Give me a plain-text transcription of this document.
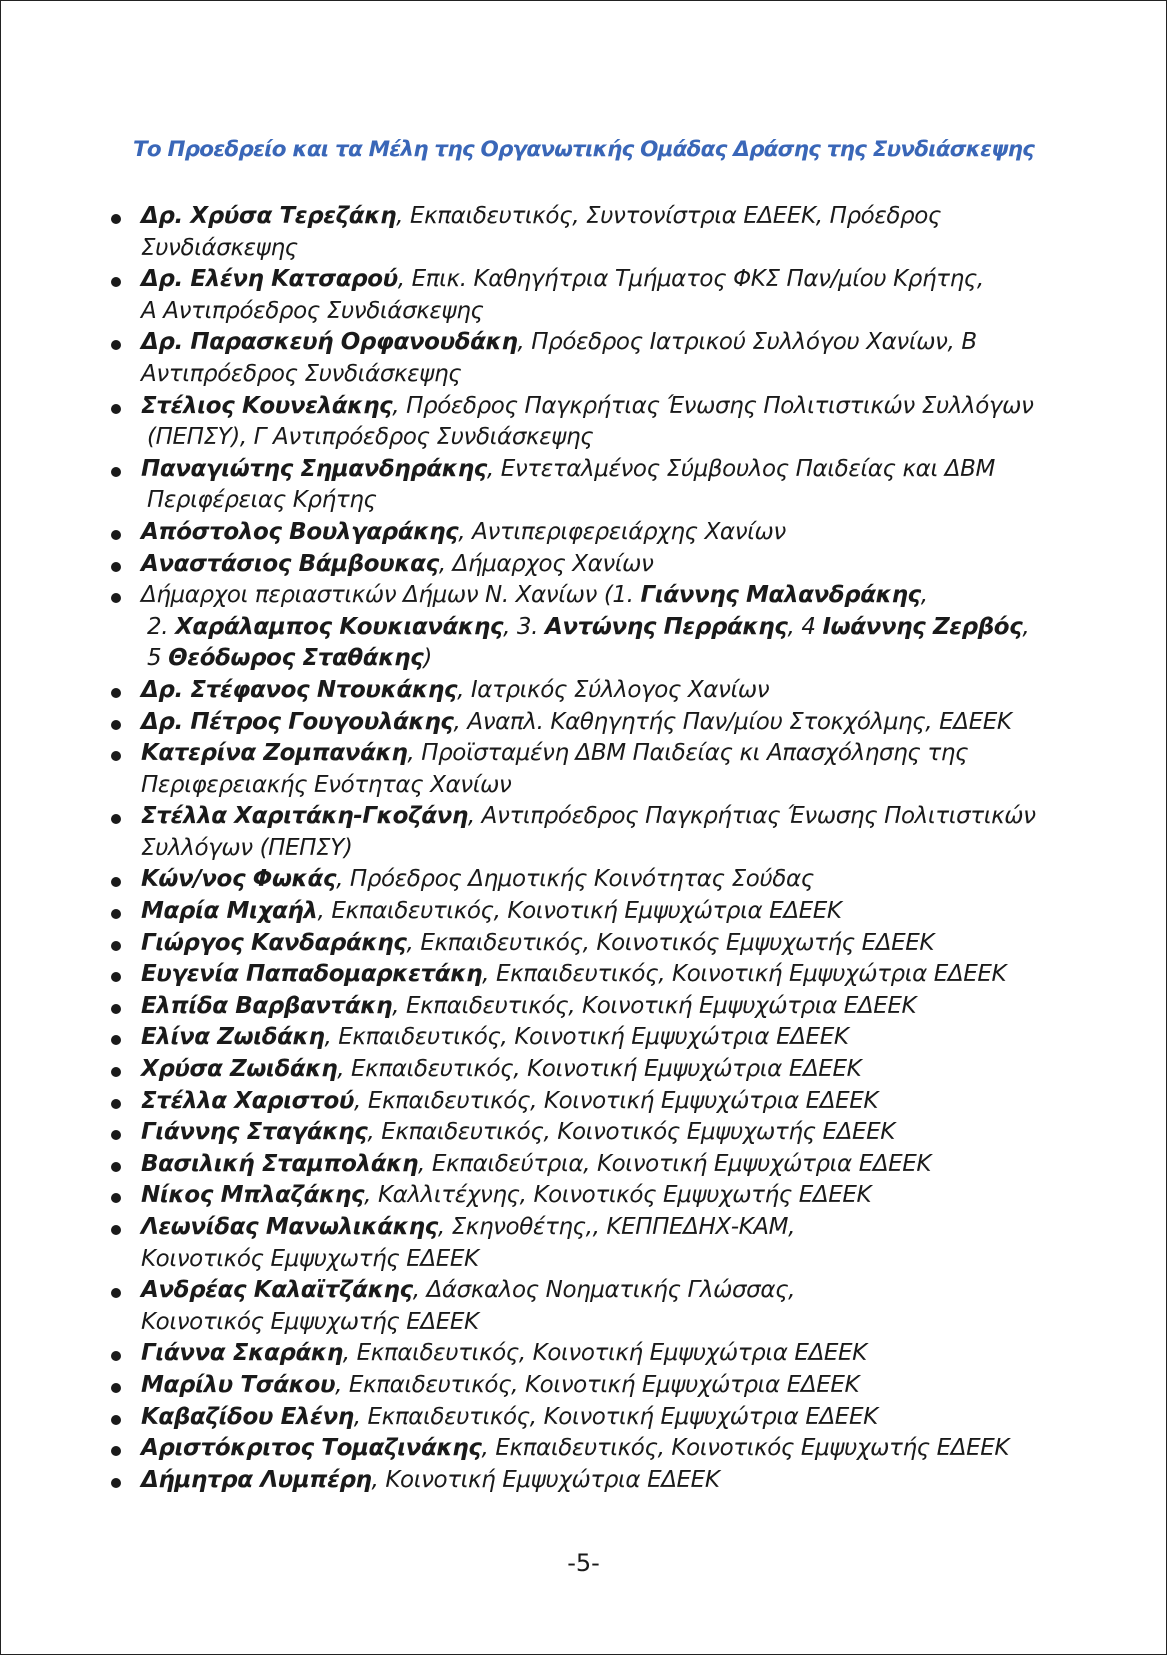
Το Προεδρείο και τα Μέλη της Οργανωτικής Ομάδας Δράσης της Συνδιάσκεψης
Δρ. Χρύσα Τερεζάκη, Εκπαιδευτικός, Συντονίστρια ΕΔΕΕΚ, Πρόεδρος
Συνδιάσκεψης
Δρ. Ελένη Κατσαρού, Επικ. Καθηγήτρια Τμήματος ΦΚΣ Παν/μίου Κρήτης,
Α Αντιπρόεδρος Συνδιάσκεψης
Δρ. Παρασκευή Ορφανουδάκη, Πρόεδρος Ιατρικού Συλλόγου Χανίων, Β
Αντιπρόεδρος Συνδιάσκεψης
Στέλιος Κουνελάκης, Πρόεδρος Παγκρήτιας Ένωσης Πολιτιστικών Συλλόγων
(ΠΕΠΣΥ), Γ Αντιπρόεδρος Συνδιάσκεψης
Παναγιώτης Σημανδηράκης, Εντεταλμένος Σύμβουλος Παιδείας και ΔΒΜ
Περιφέρειας Κρήτης
Απόστολος Βουλγαράκης, Αντιπεριφερειάρχης Χανίων
Αναστάσιος Βάμβουκας, Δήμαρχος Χανίων
Δήμαρχοι περιαστικών Δήμων Ν. Χανίων (1. Γιάννης Μαλανδράκης,
2. Χαράλαμπος Κουκιανάκης, 3. Αντώνης Περράκης, 4 Ιωάννης Ζερβός,
5 Θεόδωρος Σταθάκης)
Δρ. Στέφανος Ντουκάκης, Ιατρικός Σύλλογος Χανίων
Δρ. Πέτρος Γουγουλάκης, Αναπλ. Καθηγητής Παν/μίου Στοκχόλμης, ΕΔΕΕΚ
Κατερίνα Ζομπανάκη, Προϊσταμένη ΔΒΜ Παιδείας κι Απασχόλησης της
Περιφερειακής Ενότητας Χανίων
Στέλλα Χαριτάκη-Γκοζάνη, Αντιπρόεδρος Παγκρήτιας Ένωσης Πολιτιστικών
Συλλόγων (ΠΕΠΣΥ)
Κών/νος Φωκάς, Πρόεδρος Δημοτικής Κοινότητας Σούδας
Μαρία Μιχαήλ, Εκπαιδευτικός, Κοινοτική Εμψυχώτρια ΕΔΕΕΚ
Γιώργος Κανδαράκης, Εκπαιδευτικός, Κοινοτικός Εμψυχωτής ΕΔΕΕΚ
Ευγενία Παπαδομαρκετάκη, Εκπαιδευτικός, Κοινοτική Εμψυχώτρια ΕΔΕΕΚ
Ελπίδα Βαρβαντάκη, Εκπαιδευτικός, Κοινοτική Εμψυχώτρια ΕΔΕΕΚ
Ελίνα Ζωιδάκη, Εκπαιδευτικός, Κοινοτική Εμψυχώτρια ΕΔΕΕΚ
Χρύσα Ζωιδάκη, Εκπαιδευτικός, Κοινοτική Εμψυχώτρια ΕΔΕΕΚ
Στέλλα Χαριστού, Εκπαιδευτικός, Κοινοτική Εμψυχώτρια ΕΔΕΕΚ
Γιάννης Σταγάκης, Εκπαιδευτικός, Κοινοτικός Εμψυχωτής ΕΔΕΕΚ
Βασιλική Σταμπολάκη, Εκπαιδεύτρια, Κοινοτική Εμψυχώτρια ΕΔΕΕΚ
Νίκος Μπλαζάκης, Καλλιτέχνης, Κοινοτικός Εμψυχωτής ΕΔΕΕΚ
Λεωνίδας Μανωλικάκης, Σκηνοθέτης,, ΚΕΠΠΕΔΗΧ-ΚΑΜ,
Κοινοτικός Εμψυχωτής ΕΔΕΕΚ
Ανδρέας Καλαϊτζάκης, Δάσκαλος Νοηματικής Γλώσσας,
Κοινοτικός Εμψυχωτής ΕΔΕΕΚ
Γιάννα Σκαράκη, Εκπαιδευτικός, Κοινοτική Εμψυχώτρια ΕΔΕΕΚ
Μαρίλυ Τσάκου, Εκπαιδευτικός, Κοινοτική Εμψυχώτρια ΕΔΕΕΚ
Καβαζίδου Ελένη, Εκπαιδευτικός, Κοινοτική Εμψυχώτρια ΕΔΕΕΚ
Αριστόκριτος Τομαζινάκης, Εκπαιδευτικός, Κοινοτικός Εμψυχωτής ΕΔΕΕΚ
Δήμητρα Λυμπέρη, Κοινοτική Εμψυχώτρια ΕΔΕΕΚ
-5-
